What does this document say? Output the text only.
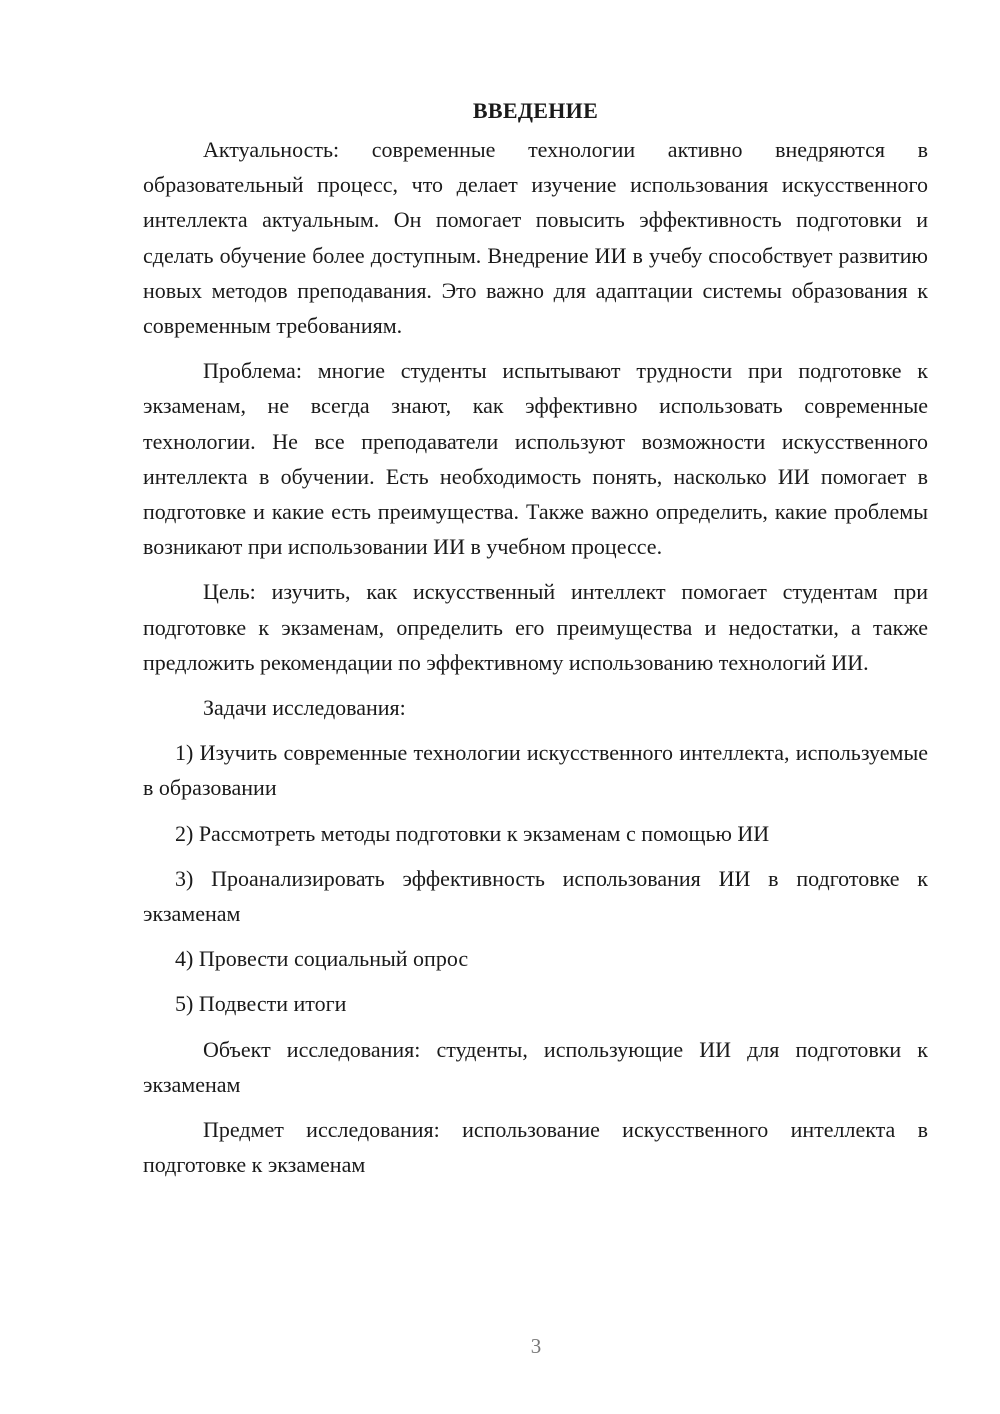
ВВЕДЕНИЕ

Актуальность: современные технологии активно внедряются в образовательный процесс, что делает изучение использования искусственного интеллекта актуальным. Он помогает повысить эффективность подготовки и сделать обучение более доступным. Внедрение ИИ в учебу способствует развитию новых методов преподавания. Это важно для адаптации системы образования к современным требованиям.

Проблема: многие студенты испытывают трудности при подготовке к экзаменам, не всегда знают, как эффективно использовать современные технологии. Не все преподаватели используют возможности искусственного интеллекта в обучении. Есть необходимость понять, насколько ИИ помогает в подготовке и какие есть преимущества. Также важно определить, какие проблемы возникают при использовании ИИ в учебном процессе.

Цель: изучить, как искусственный интеллект помогает студентам при подготовке к экзаменам, определить его преимущества и недостатки, а также предложить рекомендации по эффективному использованию технологий ИИ.

Задачи исследования:

1) Изучить современные технологии искусственного интеллекта, используемые в образовании

2) Рассмотреть методы подготовки к экзаменам с помощью ИИ

3) Проанализировать эффективность использования ИИ в подготовке к экзаменам

4) Провести социальный опрос

5) Подвести итоги

Объект исследования: студенты, использующие ИИ для подготовки к экзаменам

Предмет исследования: использование искусственного интеллекта в подготовке к экзаменам

3
